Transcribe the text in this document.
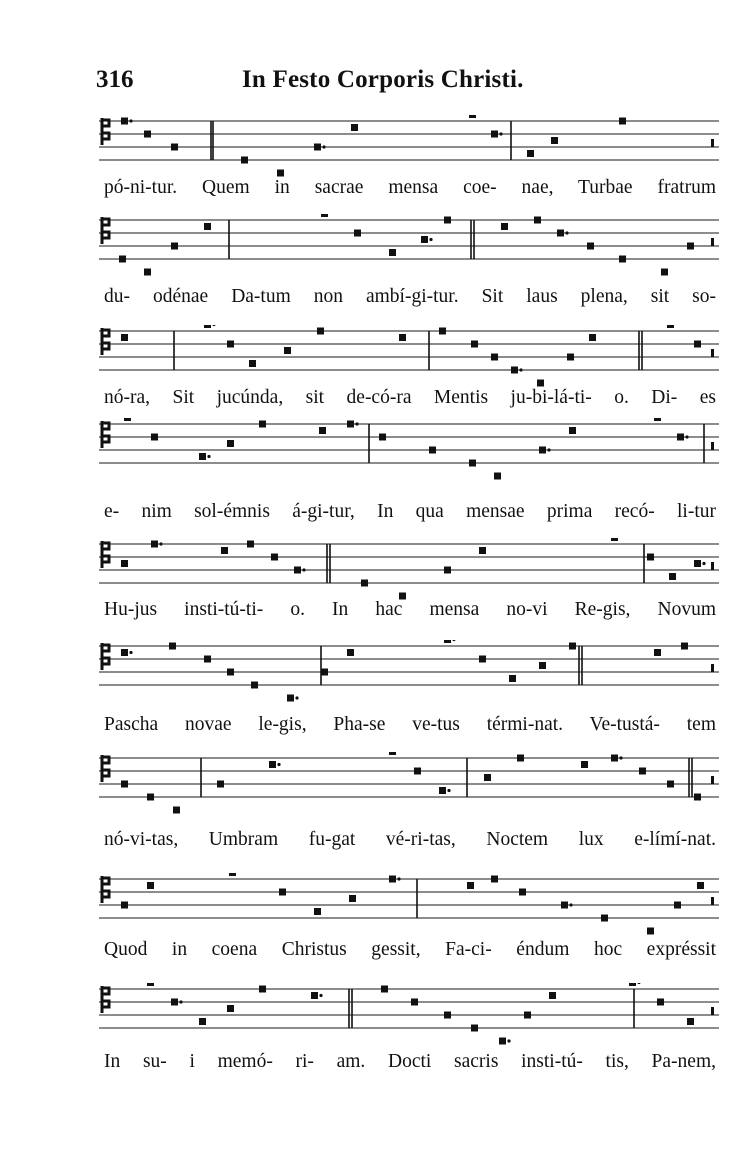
316	In Festo Corporis Christi.
pó-ni-tur. Quem in sacrae mensa coe- nae, Turbae fratrum
du- odénae Da-tum non ambí-gi-tur. Sit laus plena, sit so-
nó-ra, Sit jucúnda, sit de-có-ra Mentis ju-bi-lá-ti- o. Di- es
e- nim sol-émnis á-gi-tur, In qua mensae prima recó- li-tur
Hu-jus insti-tú-ti- o. In hac mensa no-vi Re-gis, Novum
Pascha novae le-gis, Pha-se ve-tus térmi-nat. Ve-tustá- tem
nó-vi-tas, Umbram fu-gat vé-ri-tas, Noctem lux e-límí-nat.
Quod in coena Christus gessit, Fa-ci- éndum hoc expréssit
In su- i memó- ri- am. Docti sacris insti-tú- tis, Pa-nem,
